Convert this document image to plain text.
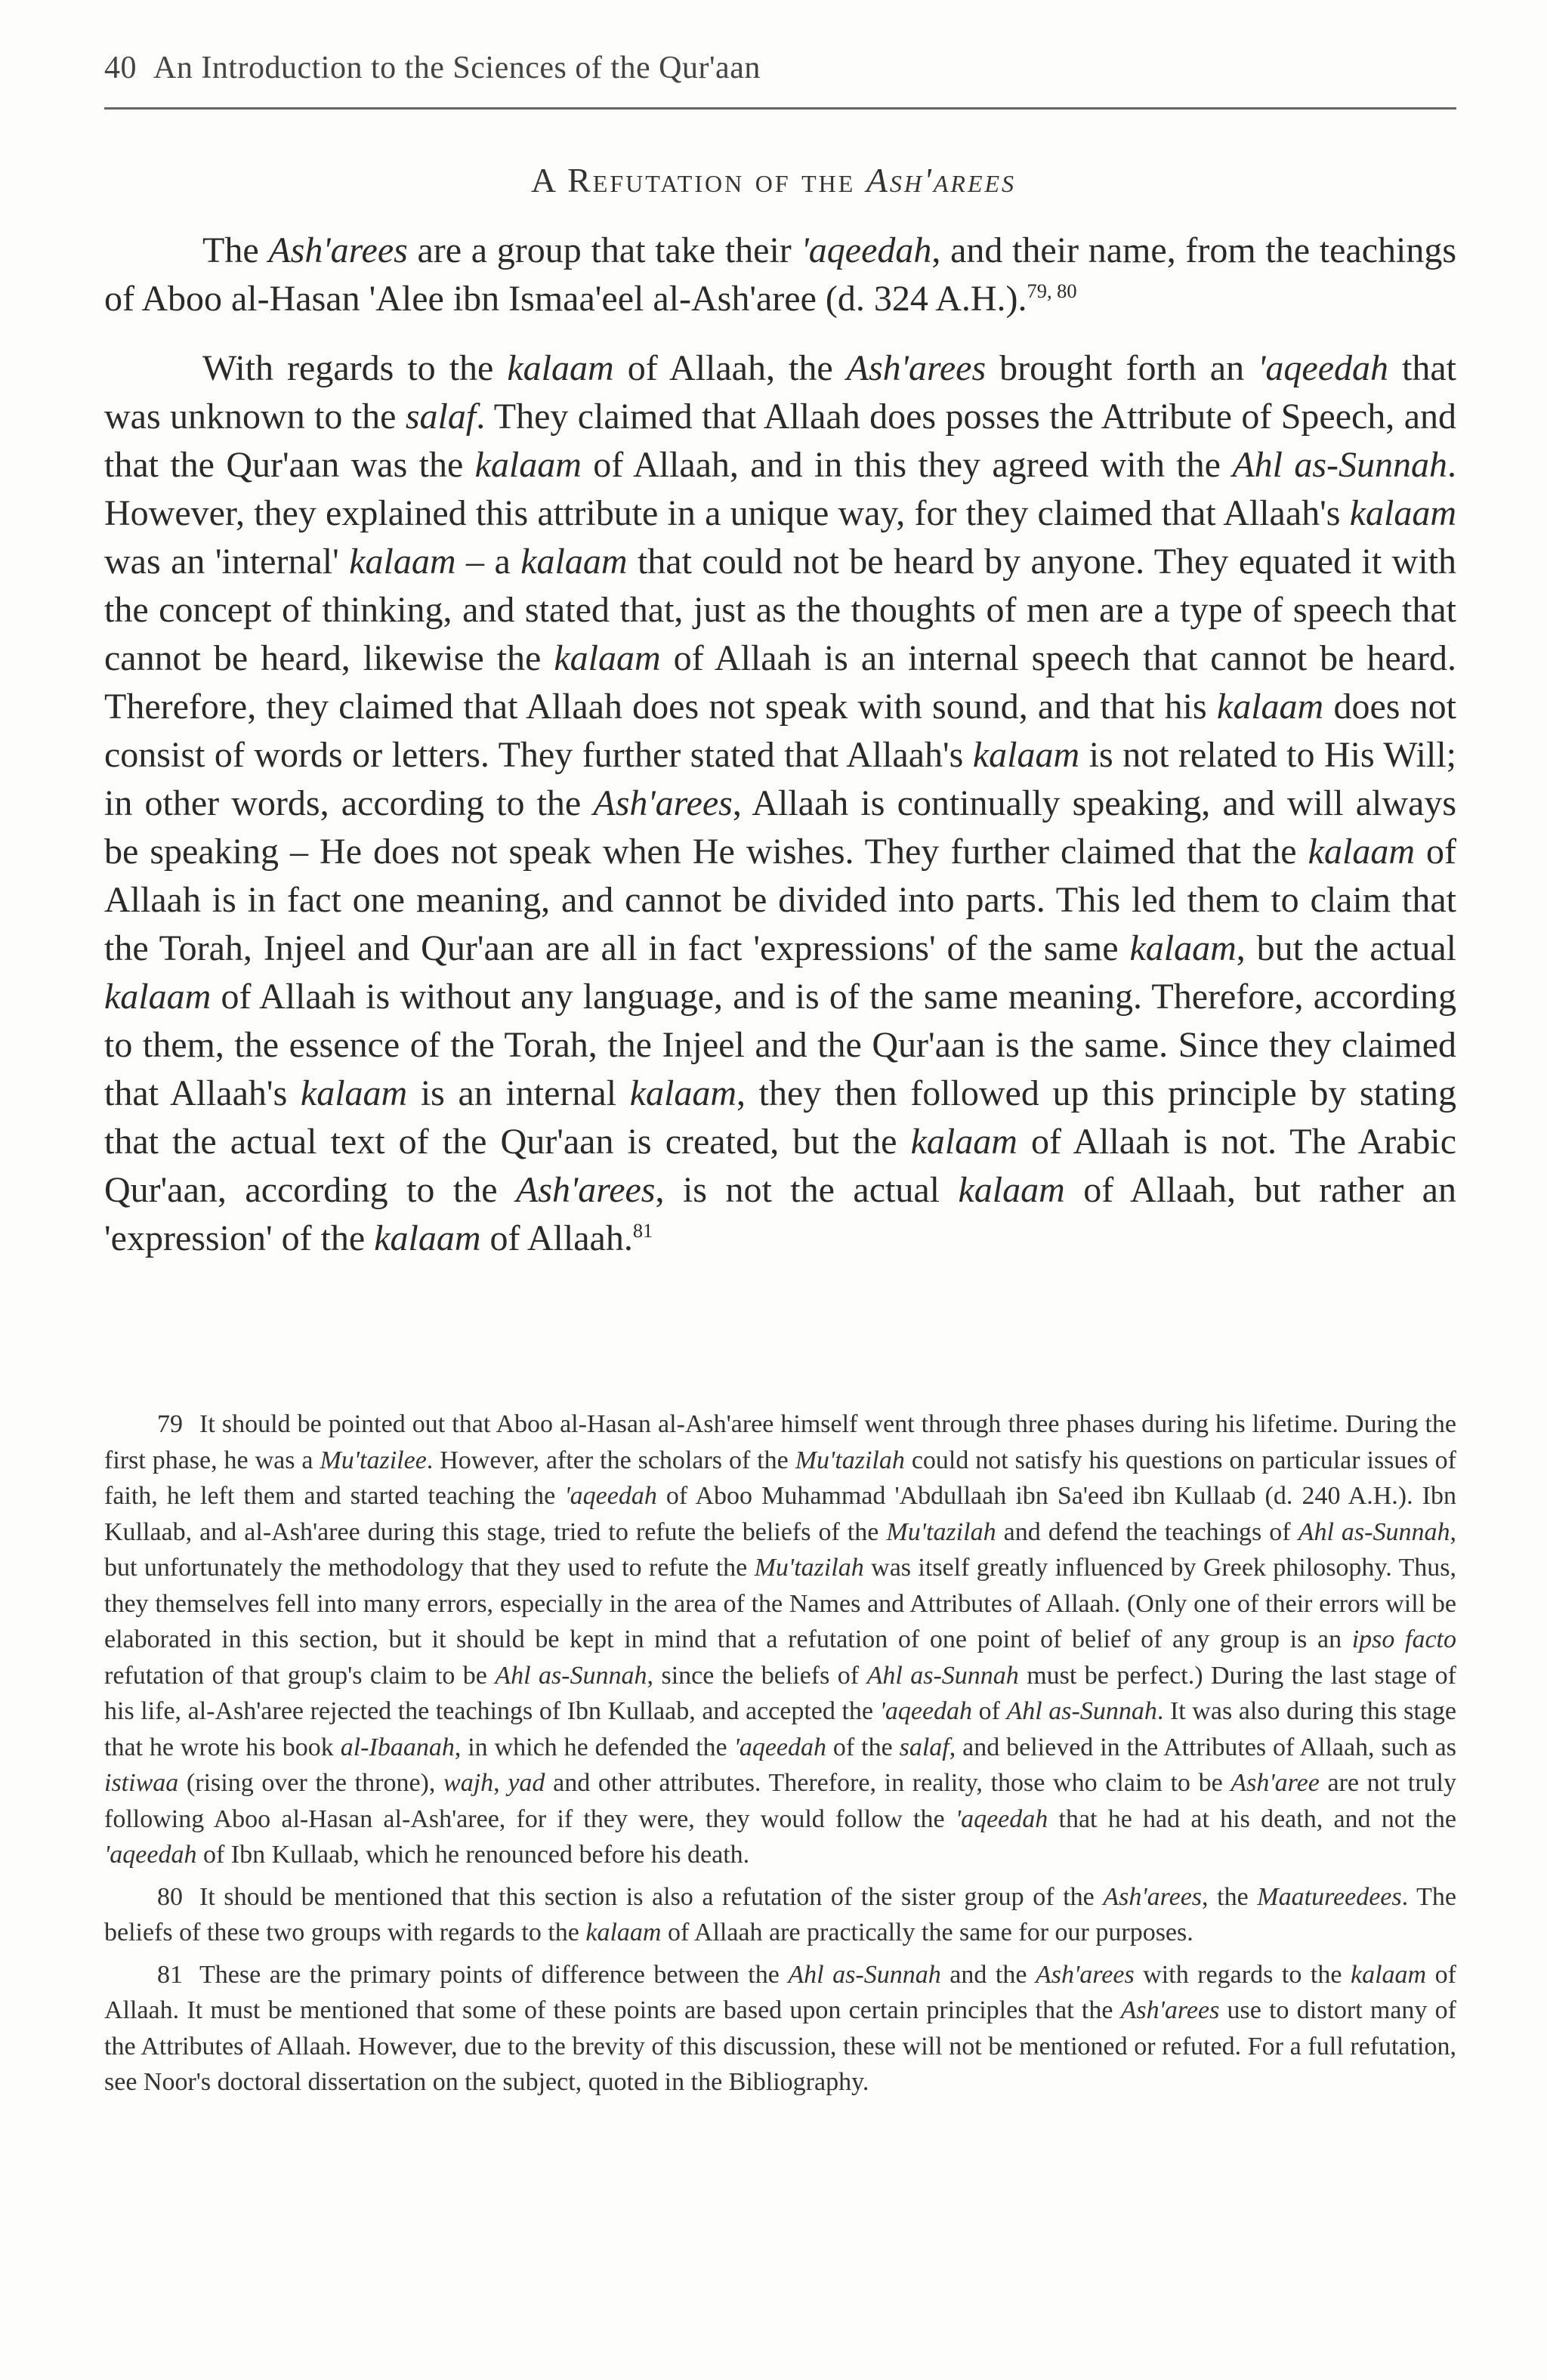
40 An Introduction to the Sciences of the Qur'aan
A Refutation of the Ash'arees

The Ash'arees are a group that take their 'aqeedah, and their name, from the teachings of Aboo al-Hasan 'Alee ibn Ismaa'eel al-Ash'aree (d. 324 A.H.).$^{79, 80}$

With regards to the kalaam of Allaah, the Ash'arees brought forth an 'aqeedah that was unknown to the salaf. They claimed that Allaah does posses the Attribute of Speech, and that the Qur'aan was the kalaam of Allaah, and in this they agreed with the Ahl as-Sunnah. However, they explained this attribute in a unique way, for they claimed that Allaah's kalaam was an 'internal' kalaam – a kalaam that could not be heard by anyone. They equated it with the concept of thinking, and stated that, just as the thoughts of men are a type of speech that cannot be heard, likewise the kalaam of Allaah is an internal speech that cannot be heard. Therefore, they claimed that Allaah does not speak with sound, and that his kalaam does not consist of words or letters. They further stated that Allaah's kalaam is not related to His Will; in other words, according to the Ash'arees, Allaah is continually speaking, and will always be speaking – He does not speak when He wishes. They further claimed that the kalaam of Allaah is in fact one meaning, and cannot be divided into parts. This led them to claim that the Torah, Injeel and Qur'aan are all in fact 'expressions' of the same kalaam, but the actual kalaam of Allaah is without any language, and is of the same meaning. Therefore, according to them, the essence of the Torah, the Injeel and the Qur'aan is the same. Since they claimed that Allaah's kalaam is an internal kalaam, they then followed up this principle by stating that the actual text of the Qur'aan is created, but the kalaam of Allaah is not. The Arabic Qur'aan, according to the Ash'arees, is not the actual kalaam of Allaah, but rather an 'expression' of the kalaam of Allaah.$^{81}$

79 It should be pointed out that Aboo al-Hasan al-Ash'aree himself went through three phases during his lifetime. During the first phase, he was a Mu'tazilee. However, after the scholars of the Mu'tazilah could not satisfy his questions on particular issues of faith, he left them and started teaching the 'aqeedah of Aboo Muhammad 'Abdullaah ibn Sa'eed ibn Kullaab (d. 240 A.H.). Ibn Kullaab, and al-Ash'aree during this stage, tried to refute the beliefs of the Mu'tazilah and defend the teachings of Ahl as-Sunnah, but unfortunately the methodology that they used to refute the Mu'tazilah was itself greatly influenced by Greek philosophy. Thus, they themselves fell into many errors, especially in the area of the Names and Attributes of Allaah. (Only one of their errors will be elaborated in this section, but it should be kept in mind that a refutation of one point of belief of any group is an ipso facto refutation of that group's claim to be Ahl as-Sunnah, since the beliefs of Ahl as-Sunnah must be perfect.) During the last stage of his life, al-Ash'aree rejected the teachings of Ibn Kullaab, and accepted the 'aqeedah of Ahl as-Sunnah. It was also during this stage that he wrote his book al-Ibaanah, in which he defended the 'aqeedah of the salaf, and believed in the Attributes of Allaah, such as istiwaa (rising over the throne), wajh, yad and other attributes. Therefore, in reality, those who claim to be Ash'aree are not truly following Aboo al-Hasan al-Ash'aree, for if they were, they would follow the 'aqeedah that he had at his death, and not the 'aqeedah of Ibn Kullaab, which he renounced before his death.

80 It should be mentioned that this section is also a refutation of the sister group of the Ash'arees, the Maatureedees. The beliefs of these two groups with regards to the kalaam of Allaah are practically the same for our purposes.

81 These are the primary points of difference between the Ahl as-Sunnah and the Ash'arees with regards to the kalaam of Allaah. It must be mentioned that some of these points are based upon certain principles that the Ash'arees use to distort many of the Attributes of Allaah. However, due to the brevity of this discussion, these will not be mentioned or refuted. For a full refutation, see Noor's doctoral dissertation on the subject, quoted in the Bibliography.
